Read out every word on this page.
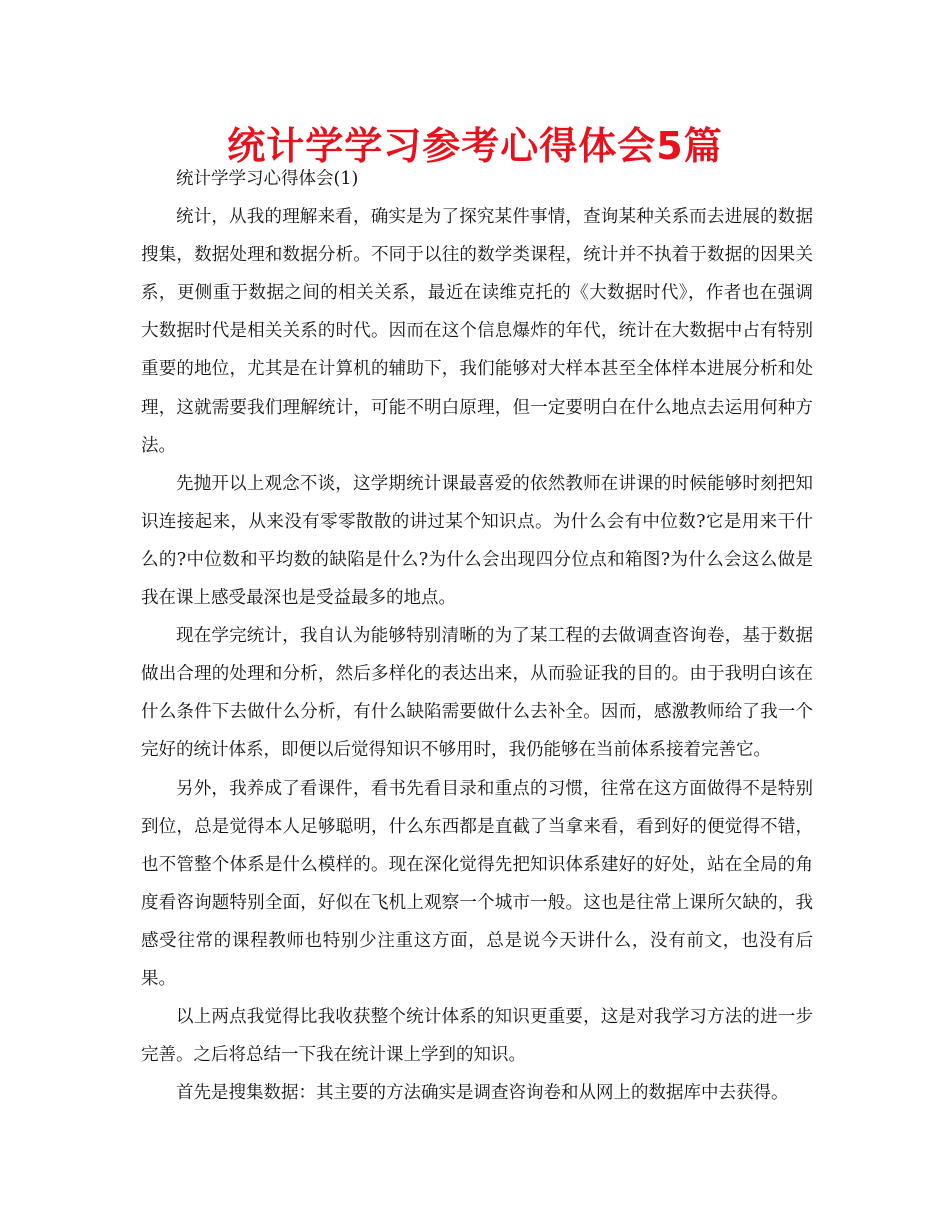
统计学学习参考心得体会5篇

统计学学习心得体会(1)

统计，从我的理解来看，确实是为了探究某件事情，查询某种关系而去进展的数据搜集，数据处理和数据分析。不同于以往的数学类课程，统计并不执着于数据的因果关系，更侧重于数据之间的相关关系，最近在读维克托的《大数据时代》，作者也在强调大数据时代是相关关系的时代。因而在这个信息爆炸的年代，统计在大数据中占有特别重要的地位，尤其是在计算机的辅助下，我们能够对大样本甚至全体样本进展分析和处理，这就需要我们理解统计，可能不明白原理，但一定要明白在什么地点去运用何种方法。

先抛开以上观念不谈，这学期统计课最喜爱的依然教师在讲课的时候能够时刻把知识连接起来，从来没有零零散散的讲过某个知识点。为什么会有中位数?它是用来干什么的?中位数和平均数的缺陷是什么?为什么会出现四分位点和箱图?为什么会这么做是我在课上感受最深也是受益最多的地点。

现在学完统计，我自认为能够特别清晰的为了某工程的去做调查咨询卷，基于数据做出合理的处理和分析，然后多样化的表达出来，从而验证我的目的。由于我明白该在什么条件下去做什么分析，有什么缺陷需要做什么去补全。因而，感激教师给了我一个完好的统计体系，即便以后觉得知识不够用时，我仍能够在当前体系接着完善它。

另外，我养成了看课件，看书先看目录和重点的习惯，往常在这方面做得不是特别到位，总是觉得本人足够聪明，什么东西都是直截了当拿来看，看到好的便觉得不错，也不管整个体系是什么模样的。现在深化觉得先把知识体系建好的好处，站在全局的角度看咨询题特别全面，好似在飞机上观察一个城市一般。这也是往常上课所欠缺的，我感受往常的课程教师也特别少注重这方面，总是说今天讲什么，没有前文，也没有后果。

以上两点我觉得比我收获整个统计体系的知识更重要，这是对我学习方法的进一步完善。之后将总结一下我在统计课上学到的知识。

首先是搜集数据：其主要的方法确实是调查咨询卷和从网上的数据库中去获得。
